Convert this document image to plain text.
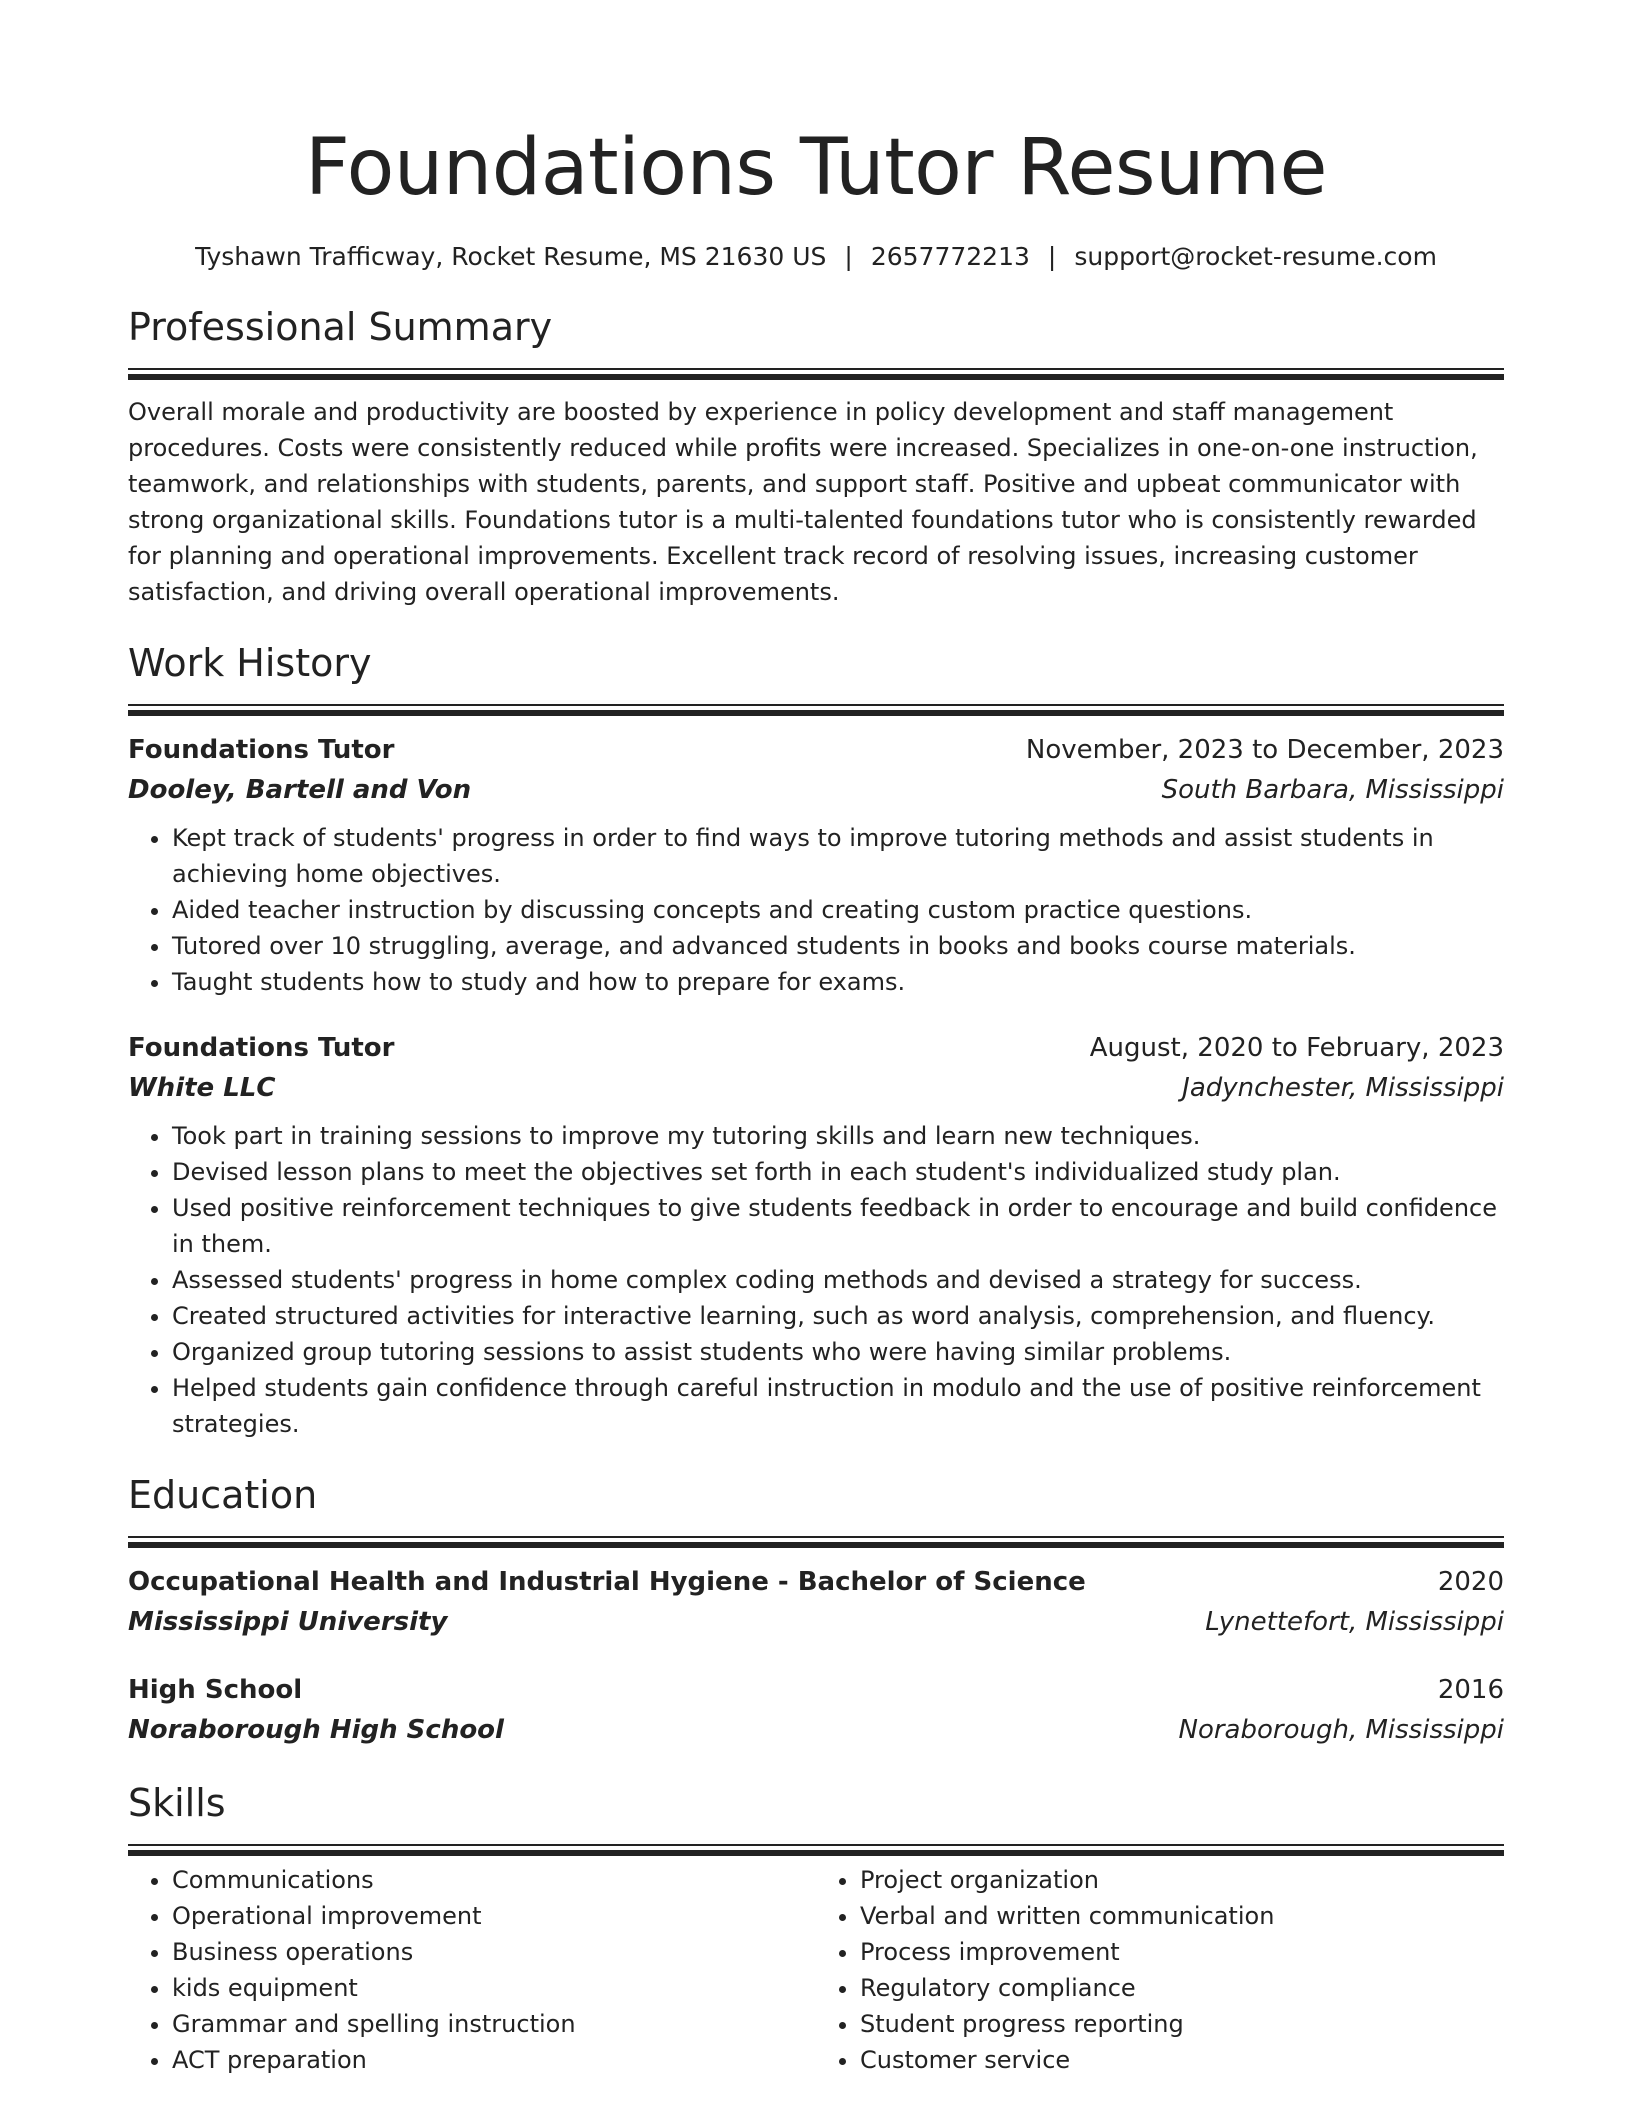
Foundations Tutor Resume
Tyshawn Trafficway, Rocket Resume, MS 21630 US | 2657772213 | support@rocket-resume.com
Professional Summary

Overall morale and productivity are boosted by experience in policy development and staff management procedures. Costs were consistently reduced while profits were increased. Specializes in one-on-one instruction, teamwork, and relationships with students, parents, and support staff. Positive and upbeat communicator with strong organizational skills. Foundations tutor is a multi-talented foundations tutor who is consistently rewarded for planning and operational improvements. Excellent track record of resolving issues, increasing customer satisfaction, and driving overall operational improvements.

Work History
Foundations Tutor	November, 2023 to December, 2023
Dooley, Bartell and Von	South Barbara, Mississippi
• Kept track of students' progress in order to find ways to improve tutoring methods and assist students in achieving home objectives.
• Aided teacher instruction by discussing concepts and creating custom practice questions.
• Tutored over 10 struggling, average, and advanced students in books and books course materials.
• Taught students how to study and how to prepare for exams.
Foundations Tutor	August, 2020 to February, 2023
White LLC	Jadynchester, Mississippi
• Took part in training sessions to improve my tutoring skills and learn new techniques.
• Devised lesson plans to meet the objectives set forth in each student's individualized study plan.
• Used positive reinforcement techniques to give students feedback in order to encourage and build confidence in them.
• Assessed students' progress in home complex coding methods and devised a strategy for success.
• Created structured activities for interactive learning, such as word analysis, comprehension, and fluency.
• Organized group tutoring sessions to assist students who were having similar problems.
• Helped students gain confidence through careful instruction in modulo and the use of positive reinforcement strategies.
Education
Occupational Health and Industrial Hygiene - Bachelor of Science	2020
Mississippi University	Lynettefort, Mississippi
High School	2016
Noraborough High School	Noraborough, Mississippi
Skills
• Communications
• Operational improvement
• Business operations
• kids equipment
• Grammar and spelling instruction
• ACT preparation
• Project organization
• Verbal and written communication
• Process improvement
• Regulatory compliance
• Student progress reporting
• Customer service
